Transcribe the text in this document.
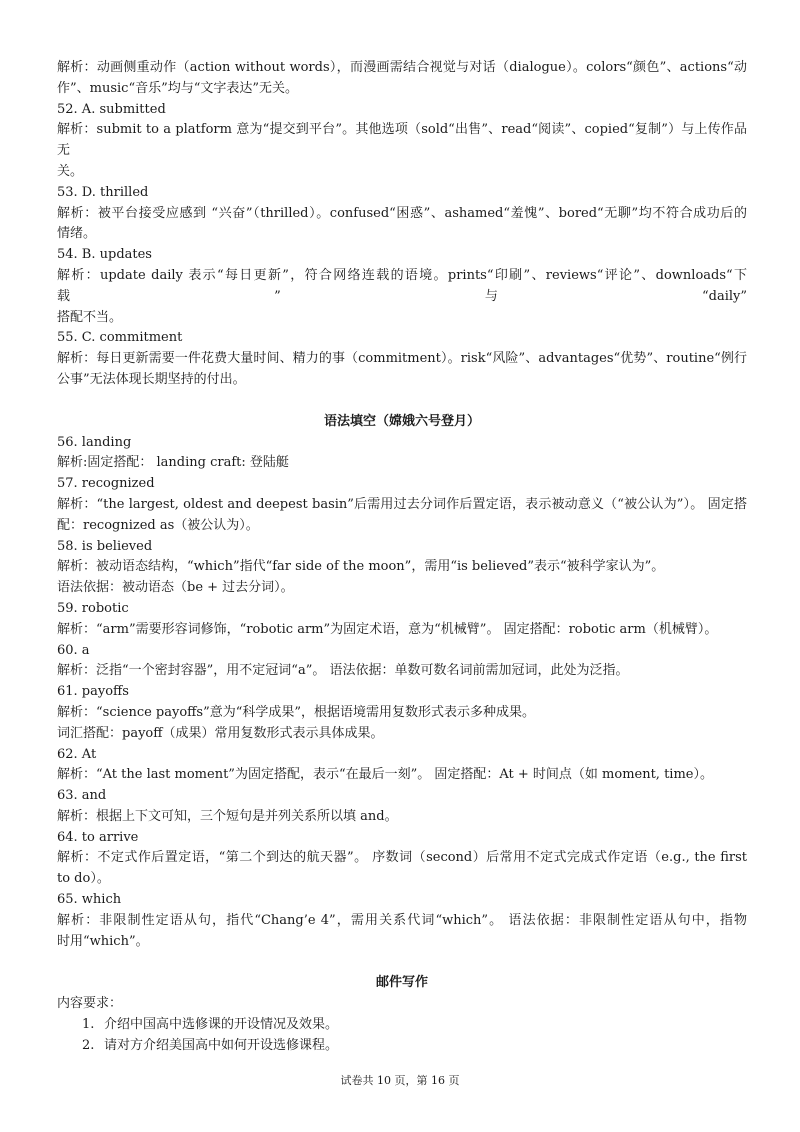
解析：动画侧重动作（action without words），而漫画需结合视觉与对话（dialogue）。colors“颜色”、actions“动
作”、music“音乐”均与“文字表达”无关。
52. A. submitted
解析：submit to a platform 意为“提交到平台”。其他选项（sold“出售”、read“阅读”、copied“复制”）与上传作品无
关。
53. D. thrilled
解析：被平台接受应感到 “兴奋”（thrilled）。confused“困惑”、ashamed“羞愧”、bored“无聊”均不符合成功后的
情绪。
54. B. updates
解析：update daily 表示“每日更新”，符合网络连载的语境。prints“印刷”、reviews“评论”、downloads“下载”与“daily”
搭配不当。
55. C. commitment
解析：每日更新需要一件花费大量时间、精力的事（commitment）。risk“风险”、advantages“优势”、routine“例行
公事”无法体现长期坚持的付出。
语法填空（嫦娥六号登月）
56. landing
解析:固定搭配： landing craft: 登陆艇
57. recognized
解析：“the largest, oldest and deepest basin”后需用过去分词作后置定语，表示被动意义（“被公认为”）。 固定搭
配：recognized as（被公认为）。
58. is believed
解析：被动语态结构，“which”指代“far side of the moon”，需用“is believed”表示“被科学家认为”。
语法依据：被动语态（be + 过去分词）。
59. robotic
解析：“arm”需要形容词修饰，“robotic arm”为固定术语，意为“机械臂”。 固定搭配：robotic arm（机械臂）。
60. a
解析：泛指“一个密封容器”，用不定冠词“a”。 语法依据：单数可数名词前需加冠词，此处为泛指。
61. payoffs
解析：“science payoffs”意为“科学成果”，根据语境需用复数形式表示多种成果。
词汇搭配：payoff（成果）常用复数形式表示具体成果。
62. At
解析：“At the last moment”为固定搭配，表示“在最后一刻”。 固定搭配：At + 时间点（如 moment, time）。
63. and
解析：根据上下文可知，三个短句是并列关系所以填 and。
64. to arrive
解析：不定式作后置定语，“第二个到达的航天器”。 序数词（second）后常用不定式完成式作定语（e.g., the first
to do）。
65. which
解析：非限制性定语从句，指代“Chang’e 4”，需用关系代词“which”。 语法依据：非限制性定语从句中，指物
时用“which”。
邮件写作
内容要求：
1. 介绍中国高中选修课的开设情况及效果。
2. 请对方介绍美国高中如何开设选修课程。
试卷共 10 页，第 16 页
